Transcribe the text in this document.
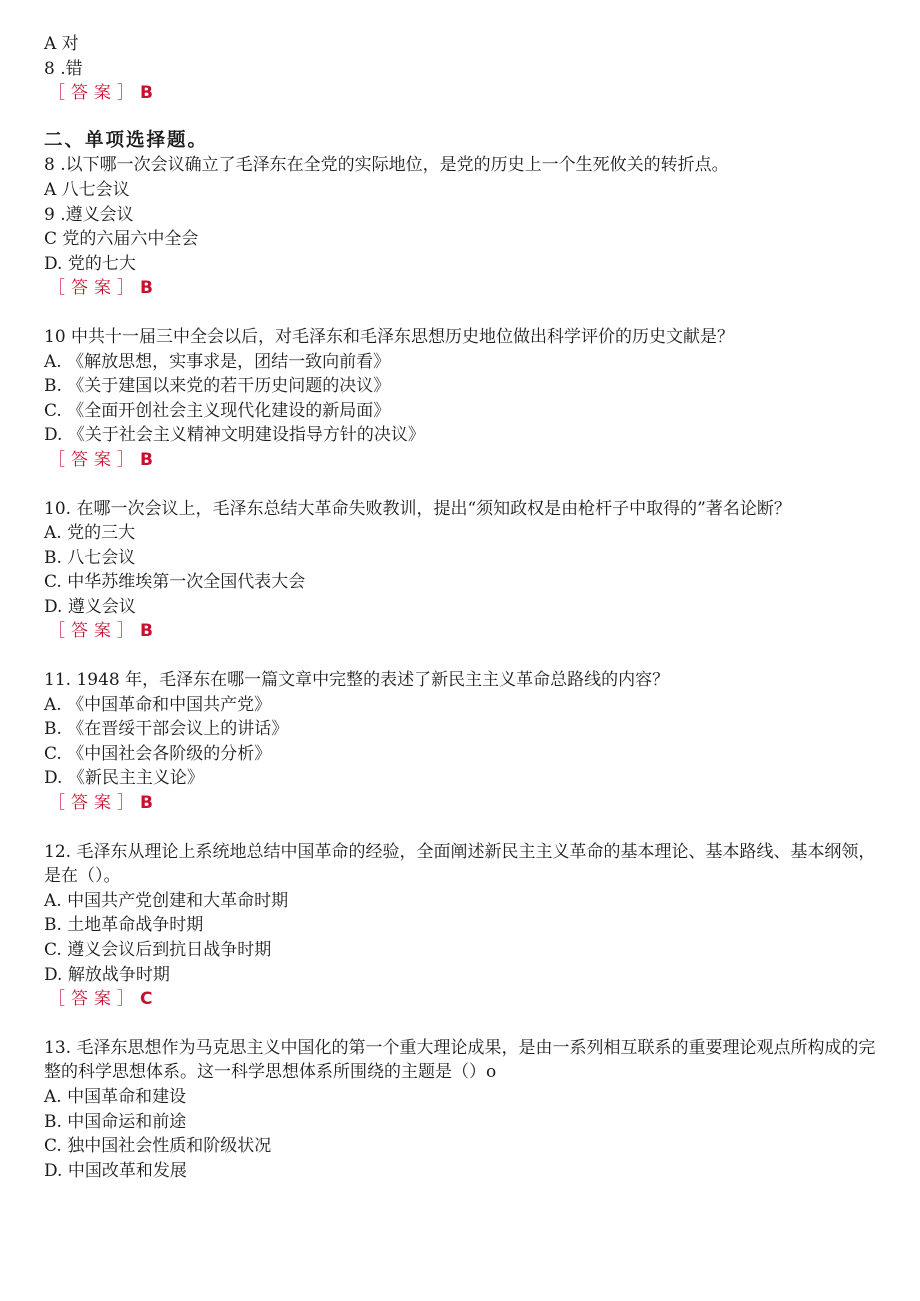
A 对
8 .错
［答案］B
二、单项选择题。
8 .以下哪一次会议确立了毛泽东在全党的实际地位，是党的历史上一个生死攸关的转折点。
A 八七会议
9 .遵义会议
C 党的六届六中全会
D. 党的七大
［答案］B
10 中共十一届三中全会以后，对毛泽东和毛泽东思想历史地位做出科学评价的历史文献是？
A. 《解放思想，实事求是，团结一致向前看》
B. 《关于建国以来党的若干历史问题的决议》
C. 《全面开创社会主义现代化建设的新局面》
D. 《关于社会主义精神文明建设指导方针的决议》
［答案］B
10. 在哪一次会议上，毛泽东总结大革命失败教训，提出“须知政权是由枪杆子中取得的”著名论断？
A. 党的三大
B. 八七会议
C. 中华苏维埃第一次全国代表大会
D. 遵义会议
［答案］B
11. 1948 年，毛泽东在哪一篇文章中完整的表述了新民主主义革命总路线的内容？
A. 《中国革命和中国共产党》
B. 《在晋绥干部会议上的讲话》
C. 《中国社会各阶级的分析》
D. 《新民主主义论》
［答案］B
12. 毛泽东从理论上系统地总结中国革命的经验，全面阐述新民主主义革命的基本理论、基本路线、基本纲领，是在（）。
A. 中国共产党创建和大革命时期
B. 土地革命战争时期
C. 遵义会议后到抗日战争时期
D. 解放战争时期
［答案］C
13. 毛泽东思想作为马克思主义中国化的第一个重大理论成果，是由一系列相互联系的重要理论观点所构成的完整的科学思想体系。这一科学思想体系所围绕的主题是（）o
A. 中国革命和建设
B. 中国命运和前途
C. 独中国社会性质和阶级状况
D. 中国改革和发展
